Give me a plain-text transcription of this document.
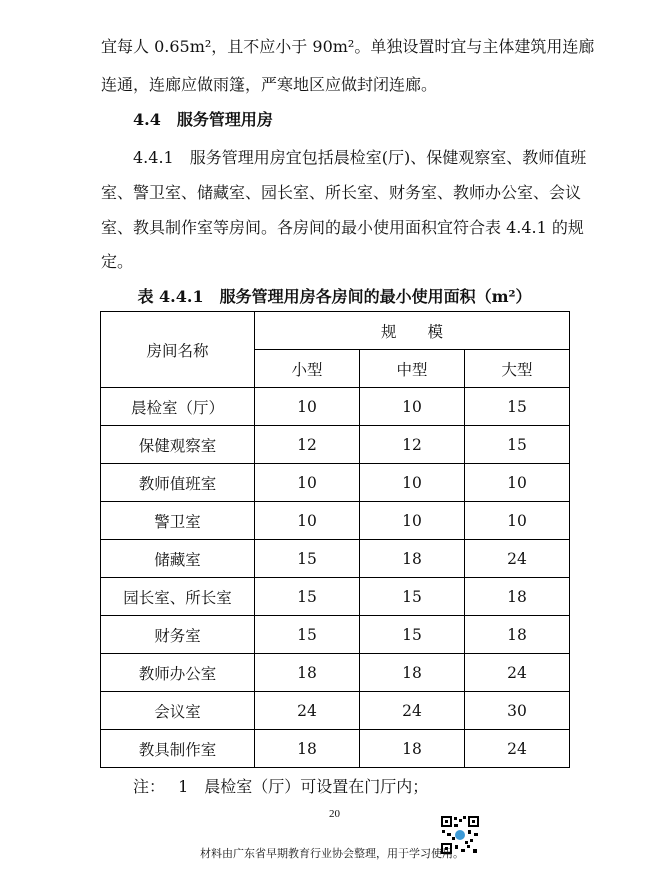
宜每人 0.65m²，且不应小于 90m²。单独设置时宜与主体建筑用连廊
连通，连廊应做雨篷，严寒地区应做封闭连廊。
4.4　服务管理用房
4.4.1　服务管理用房宜包括晨检室(厅)、保健观察室、教师值班
室、警卫室、储藏室、园长室、所长室、财务室、教师办公室、会议
室、教具制作室等房间。各房间的最小使用面积宜符合表 4.4.1 的规
定。
表 4.4.1　服务管理用房各房间的最小使用面积（m²）
房间名称	规　　模		
	小型	中型	大型
晨检室（厅）	10	10	15
保健观察室	12	12	15
教师值班室	10	10	10
警卫室	10	10	10
储藏室	15	18	24
园长室、所长室	15	15	18
财务室	15	15	18
教师办公室	18	18	24
会议室	24	24	30
教具制作室	18	18	24
注：　 1　晨检室（厅）可设置在门厅内；
20
材料由广东省早期教育行业协会整理，用于学习使用。
